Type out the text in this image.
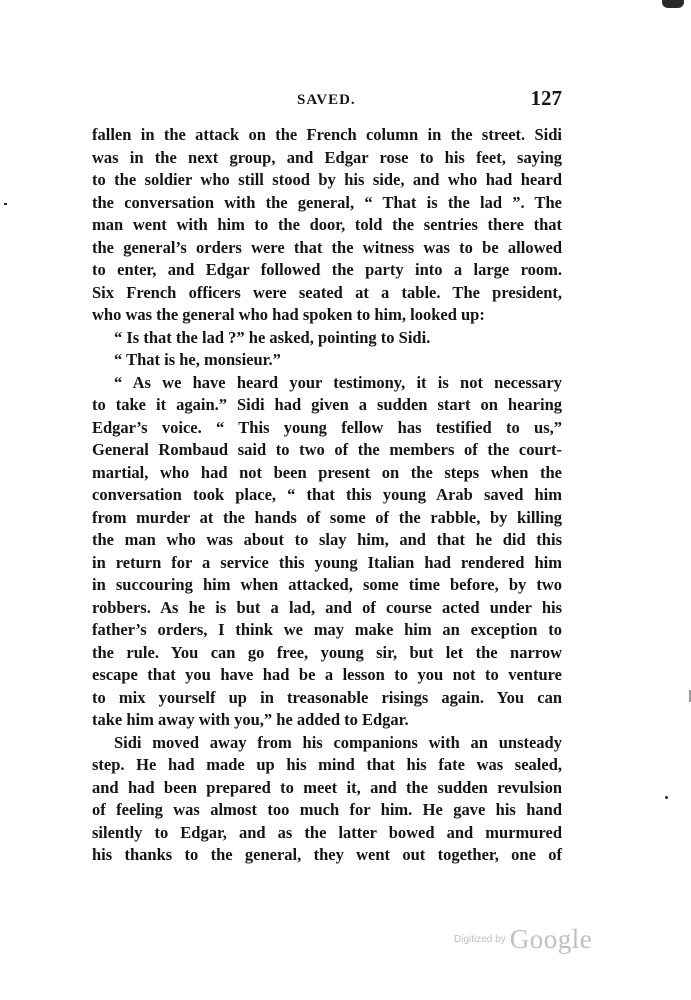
SAVED.	127
fallen in the attack on the French column in the street. Sidi
was in the next group, and Edgar rose to his feet, saying
to the soldier who still stood by his side, and who had heard
the conversation with the general, “ That is the lad ”. The
man went with him to the door, told the sentries there that
the general’s orders were that the witness was to be allowed
to enter, and Edgar followed the party into a large room.
Six French officers were seated at a table. The president,
who was the general who had spoken to him, looked up:
“ Is that the lad ?” he asked, pointing to Sidi.
“ That is he, monsieur.”
“ As we have heard your testimony, it is not necessary
to take it again.” Sidi had given a sudden start on hearing
Edgar’s voice. “ This young fellow has testified to us,”
General Rombaud said to two of the members of the court-
martial, who had not been present on the steps when the
conversation took place, “ that this young Arab saved him
from murder at the hands of some of the rabble, by killing
the man who was about to slay him, and that he did this
in return for a service this young Italian had rendered him
in succouring him when attacked, some time before, by two
robbers. As he is but a lad, and of course acted under his
father’s orders, I think we may make him an exception to
the rule. You can go free, young sir, but let the narrow
escape that you have had be a lesson to you not to venture
to mix yourself up in treasonable risings again. You can
take him away with you,” he added to Edgar.
Sidi moved away from his companions with an unsteady
step. He had made up his mind that his fate was sealed,
and had been prepared to meet it, and the sudden revulsion
of feeling was almost too much for him. He gave his hand
silently to Edgar, and as the latter bowed and murmured
his thanks to the general, they went out together, one of
Digitized by Google
